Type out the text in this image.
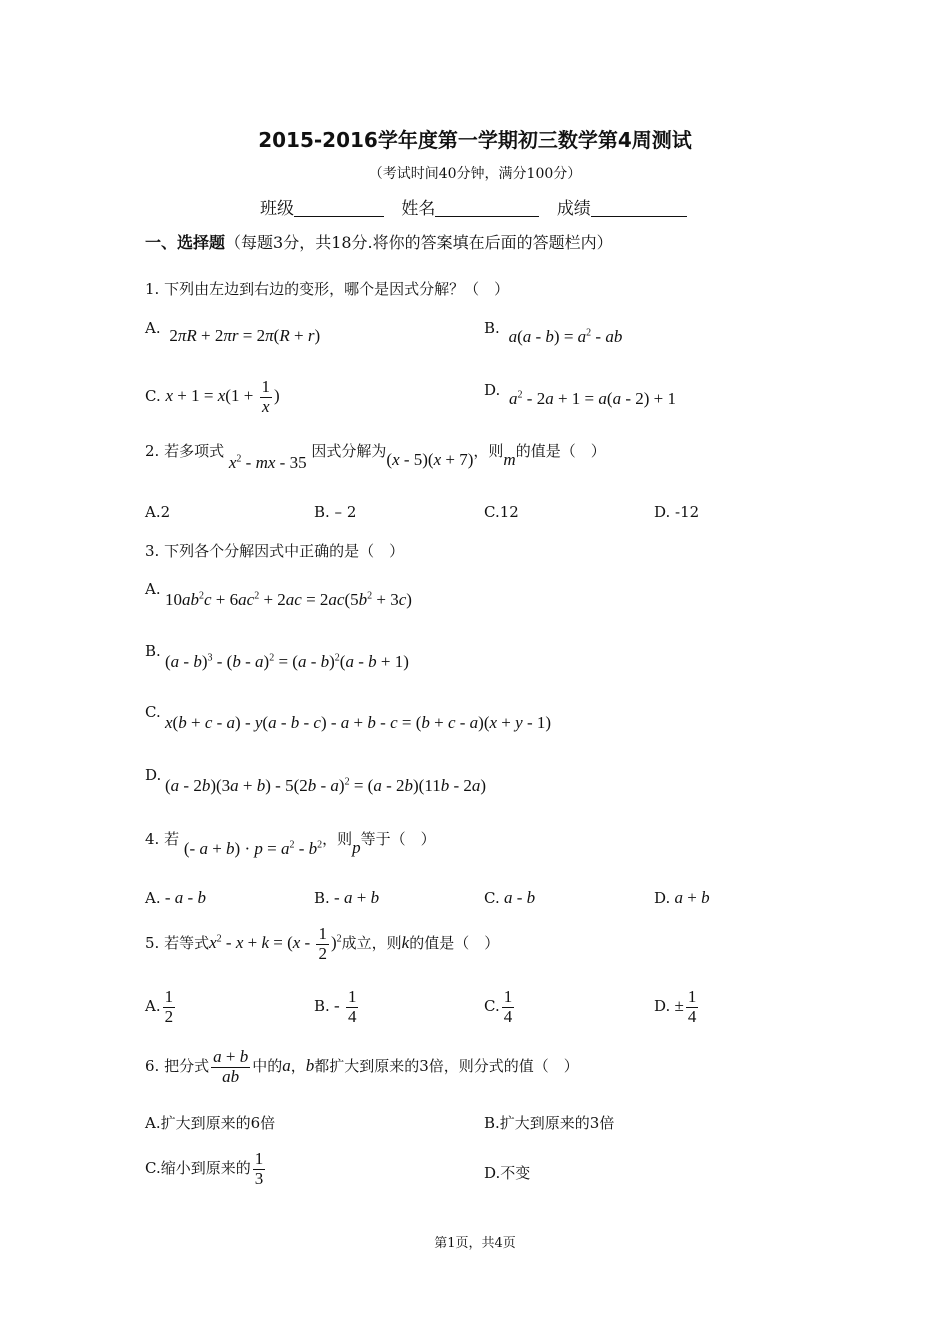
2015-2016学年度第一学期初三数学第4周测试
（考试时间40分钟，满分100分）
班级	姓名	成绩
一、选择题（每题3分，共18分.将你的答案填在后面的答题栏内）
1. 下列由左边到右边的变形，哪个是因式分解？（　）
A. 2πR + 2πr = 2π(R + r)	B. $a(a - b) = a^2$ - ab
C. $x + 1 = x(1 + \frac{1}{x}$ )	D. $a^2 - 2a + 1 = a(a - 2) + 1$
2. 若多项式 $x^2$ - mx - 35 因式分解为(x - 5)(x + 7)，则m的值是（　）
A.2	B. – 2	C.12	D. -12
3. 下列各个分解因式中正确的是（　）
A.
$10ab^2c + 6ac^2 + 2ac = 2ac(5b^2 + 3c)$
B.
(a - b)$^3$ - (b - a)$^2$ = (a - b)$^2$(a - b + 1)
C.
x(b + c - a) - y(a - b - c) - a + b - c = (b + c - a)(x + y - 1)
D.
(a - 2b)(3a + b) - 5(2b - a)$^2$ = (a - 2b)(11b - 2a)
4. 若 (- $a + b) \cdot p = a^2 - b^2$，则p等于（　）
A. - a - b	B. - a + b	C. a - b	D. a + b
5. 若等式$x^2 - x + k = (x - \frac{1}{2} )^2$成立，则k的值是（　）
A. $\frac{1}{2}$	B. - $\frac{1}{4}$	C. $\frac{1}{4}$	D. ± $\frac{1}{4}$
6. 把分式 $\frac{a + b}{ab}$ 中的a，b都扩大到原来的3倍，则分式的值（　）
A.扩大到原来的6倍	B.扩大到原来的3倍
C.缩小到原来的 $\frac{1}{3}$	D.不变
第1页，共4页
